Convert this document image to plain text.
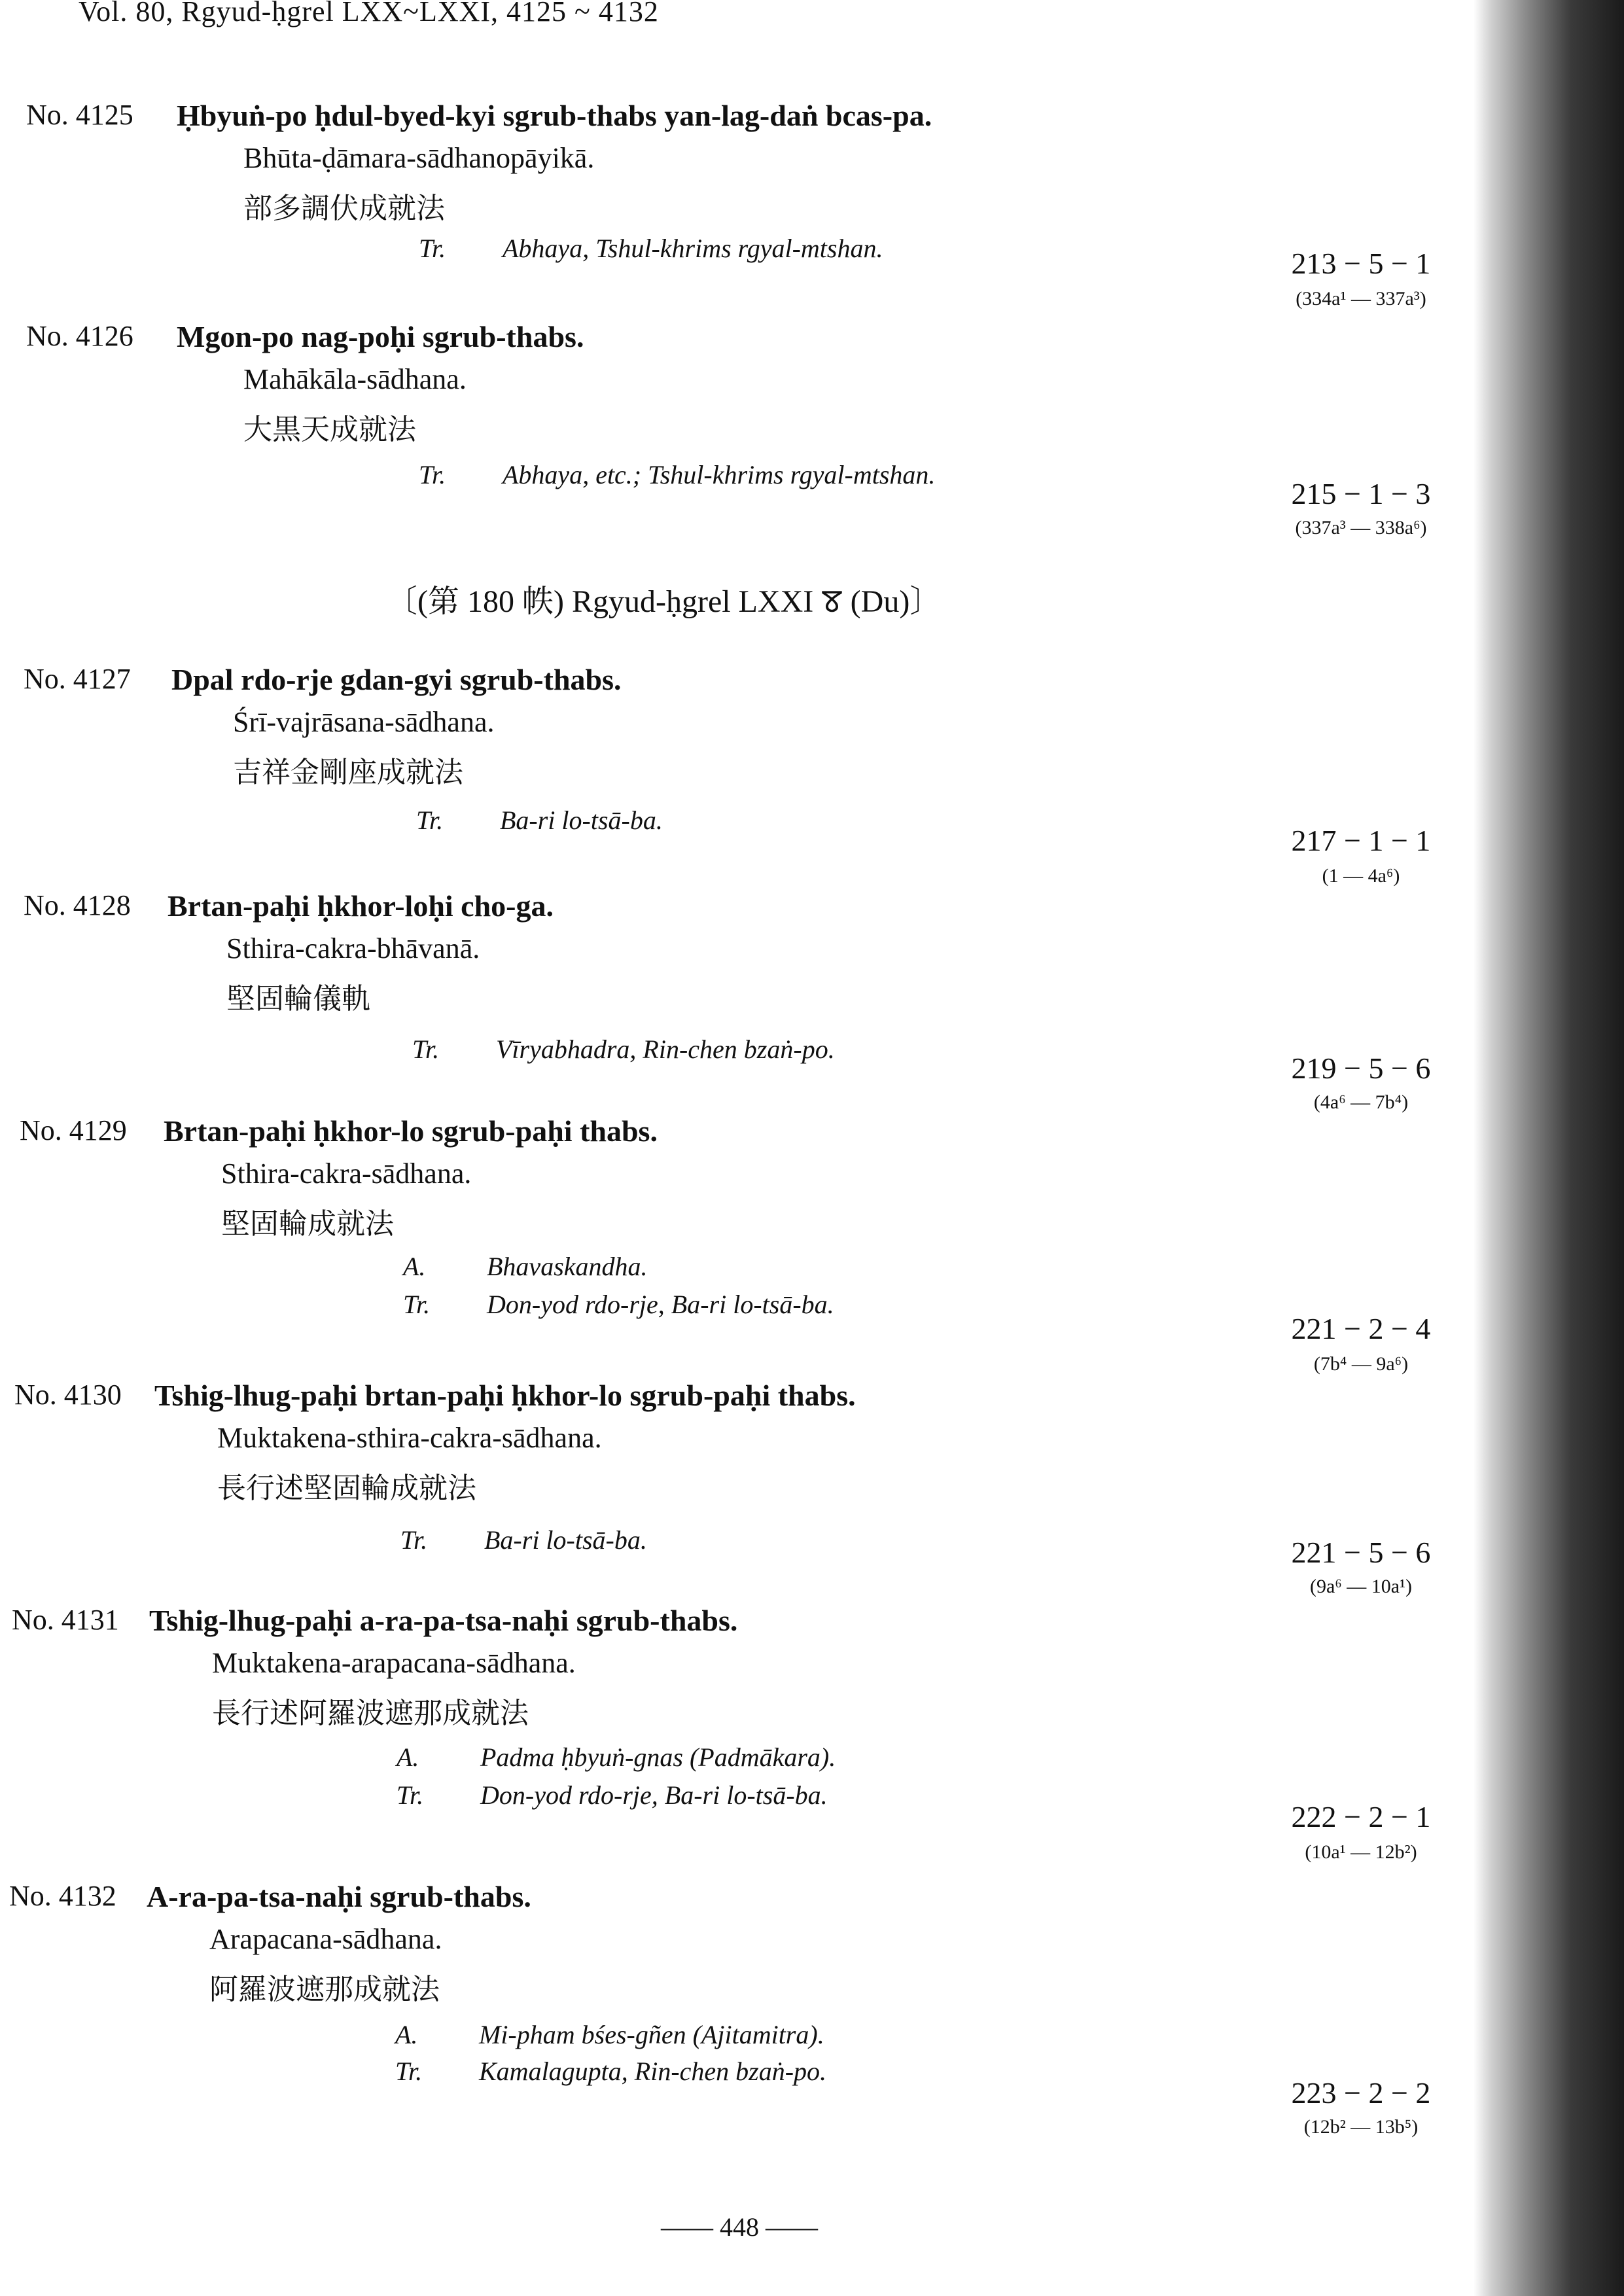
Vol. 80, Rgyud-ḥgrel LXX~LXXI, 4125 ~ 4132
No. 4125 Ḥbyuṅ-po ḥdul-byed-kyi sgrub-thabs yan-lag-daṅ bcas-pa.
Bhūta-ḍāmara-sādhanopāyikā.
部多調伏成就法
Tr. Abhaya, Tshul-khrims rgyal-mtshan.	213 − 5 − 1
(334a¹ — 337a³)
No. 4126 Mgon-po nag-poḥi sgrub-thabs.
Mahākāla-sādhana.
大黒天成就法
Tr. Abhaya, etc.; Tshul-khrims rgyal-mtshan.
215 − 1 − 3
(337a³ — 338a⁶)
〔(第 180 帙) Rgyud-ḥgrel LXXI ꯕ (Du)〕
No. 4127 Dpal rdo-rje gdan-gyi sgrub-thabs.
Śrī-vajrāsana-sādhana.
吉祥金剛座成就法
Tr. Ba-ri lo-tsā-ba.
217 − 1 − 1
(1 — 4a⁶)
No. 4128 Brtan-paḥi ḥkhor-loḥi cho-ga.
Sthira-cakra-bhāvanā.
堅固輪儀軌
Tr. Vīryabhadra, Rin-chen bzaṅ-po.
219 − 5 − 6
(4a⁶ — 7b⁴)
No. 4129 Brtan-paḥi ḥkhor-lo sgrub-paḥi thabs.
Sthira-cakra-sādhana.
堅固輪成就法
A. Bhavaskandha.
Tr. Don-yod rdo-rje, Ba-ri lo-tsā-ba.
221 − 2 − 4
(7b⁴ — 9a⁶)
No. 4130 Tshig-lhug-paḥi brtan-paḥi ḥkhor-lo sgrub-paḥi thabs.
Muktakena-sthira-cakra-sādhana.
長行述堅固輪成就法
Tr. Ba-ri lo-tsā-ba.	221 − 5 − 6
(9a⁶ — 10a¹)
No. 4131 Tshig-lhug-paḥi a-ra-pa-tsa-naḥi sgrub-thabs.
Muktakena-arapacana-sādhana.
長行述阿羅波遮那成就法
A. Padma ḥbyuṅ-gnas (Padmākara).
Tr. Don-yod rdo-rje, Ba-ri lo-tsā-ba.
222 − 2 − 1
(10a¹ — 12b²)
No. 4132 A-ra-pa-tsa-naḥi sgrub-thabs.
Arapacana-sādhana.
阿羅波遮那成就法
A. Mi-pham bśes-gñen (Ajitamitra).
Tr. Kamalagupta, Rin-chen bzaṅ-po.
223 − 2 − 2
(12b² — 13b⁵)
—— 448 ——
